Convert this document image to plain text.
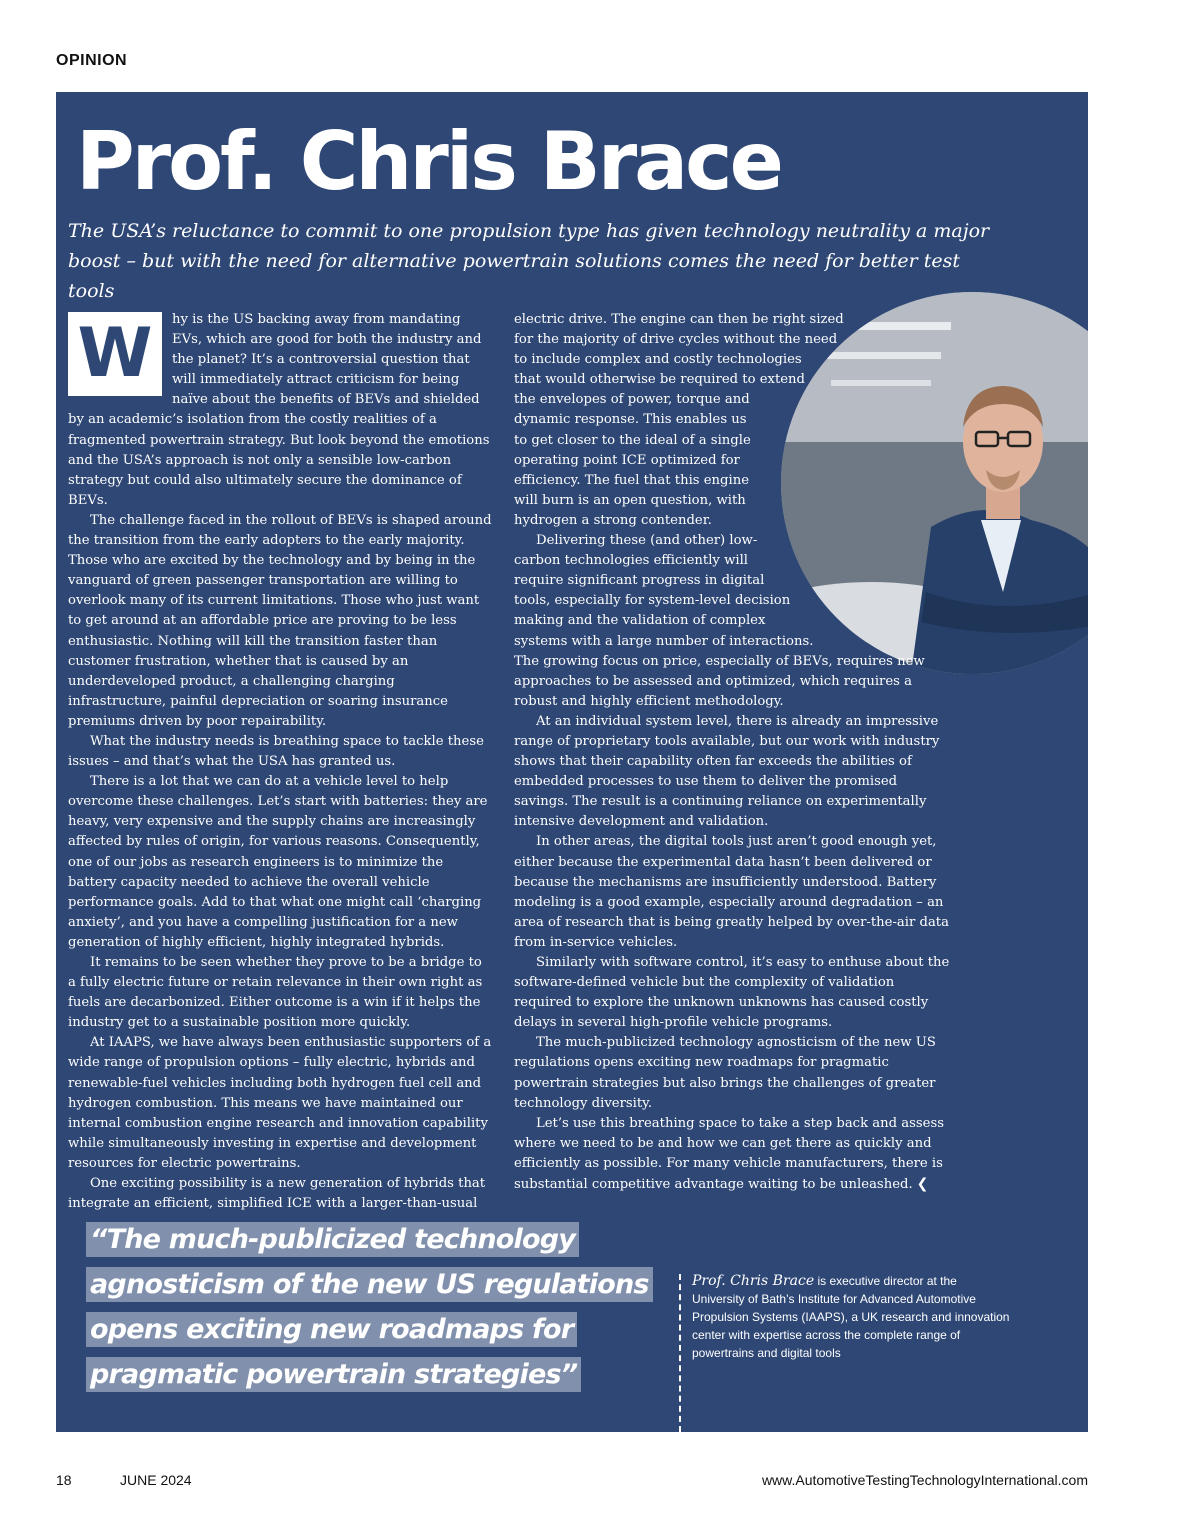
OPINION
Prof. Chris Brace

The USA’s reluctance to commit to one propulsion type has given technology neutrality a major boost – but with the need for alternative powertrain solutions comes the need for better test tools

W	hy is the US backing away from mandating EVs, which are good for both the industry and the planet? It’s a controversial question that will immediately attract criticism for being naïve about the benefits of BEVs and shielded by an academic’s isolation from the costly realities of a fragmented powertrain strategy. But look beyond the emotions and the USA’s approach is not only a sensible low-carbon strategy but could also ultimately secure the dominance of BEVs.

The challenge faced in the rollout of BEVs is shaped around the transition from the early adopters to the early majority. Those who are excited by the technology and by being in the vanguard of green passenger transportation are willing to overlook many of its current limitations. Those who just want to get around at an affordable price are proving to be less enthusiastic. Nothing will kill the transition faster than customer frustration, whether that is caused by an underdeveloped product, a challenging charging infrastructure, painful depreciation or soaring insurance premiums driven by poor repairability.

What the industry needs is breathing space to tackle these issues – and that’s what the USA has granted us.

There is a lot that we can do at a vehicle level to help overcome these challenges. Let’s start with batteries: they are heavy, very expensive and the supply chains are increasingly affected by rules of origin, for various reasons. Consequently, one of our jobs as research engineers is to minimize the battery capacity needed to achieve the overall vehicle performance goals. Add to that what one might call ‘charging anxiety’, and you have a compelling justification for a new generation of highly efficient, highly integrated hybrids.

It remains to be seen whether they prove to be a bridge to a fully electric future or retain relevance in their own right as fuels are decarbonized. Either outcome is a win if it helps the industry get to a sustainable position more quickly.

At IAAPS, we have always been enthusiastic supporters of a wide range of propulsion options – fully electric, hybrids and renewable-fuel vehicles including both hydrogen fuel cell and hydrogen combustion. This means we have maintained our internal combustion engine research and innovation capability while simultaneously investing in expertise and development resources for electric powertrains.

One exciting possibility is a new generation of hybrids that integrate an efficient, simplified ICE with a larger-than-usual

electric drive. The engine can then be right sized
for the majority of drive cycles without the need
to include complex and costly technologies
that would otherwise be required to extend
the envelopes of power, torque and
dynamic response. This enables us
to get closer to the ideal of a single
operating point ICE optimized for
efficiency. The fuel that this engine
will burn is an open question, with
hydrogen a strong contender.

Delivering these (and other) low-
carbon technologies efficiently will
require significant progress in digital
tools, especially for system-level decision
making and the validation of complex
systems with a large number of interactions.
The growing focus on price, especially of BEVs, requires new approaches to be assessed and optimized, which requires a robust and highly efficient methodology.

At an individual system level, there is already an impressive range of proprietary tools available, but our work with industry shows that their capability often far exceeds the abilities of embedded processes to use them to deliver the promised savings. The result is a continuing reliance on experimentally intensive development and validation.

In other areas, the digital tools just aren’t good enough yet, either because the experimental data hasn’t been delivered or because the mechanisms are insufficiently understood. Battery modeling is a good example, especially around degradation – an area of research that is being greatly helped by over-the-air data from in-service vehicles.

Similarly with software control, it’s easy to enthuse about the software-defined vehicle but the complexity of validation required to explore the unknown unknowns has caused costly delays in several high-profile vehicle programs.

The much-publicized technology agnosticism of the new US regulations opens exciting new roadmaps for pragmatic powertrain strategies but also brings the challenges of greater technology diversity.

Let’s use this breathing space to take a step back and assess where we need to be and how we can get there as quickly and efficiently as possible. For many vehicle manufacturers, there is substantial competitive advantage waiting to be unleashed. ❮

“The much-publicized technology
agnosticism of the new US regulations
opens exciting new roadmaps for
pragmatic powertrain strategies”

Prof. Chris Brace is executive director at the University of Bath’s Institute for Advanced Automotive Propulsion Systems (IAAPS), a UK research and innovation center with expertise across the complete range of powertrains and digital tools

18	JUNE 2024	www.AutomotiveTestingTechnologyInternational.com
